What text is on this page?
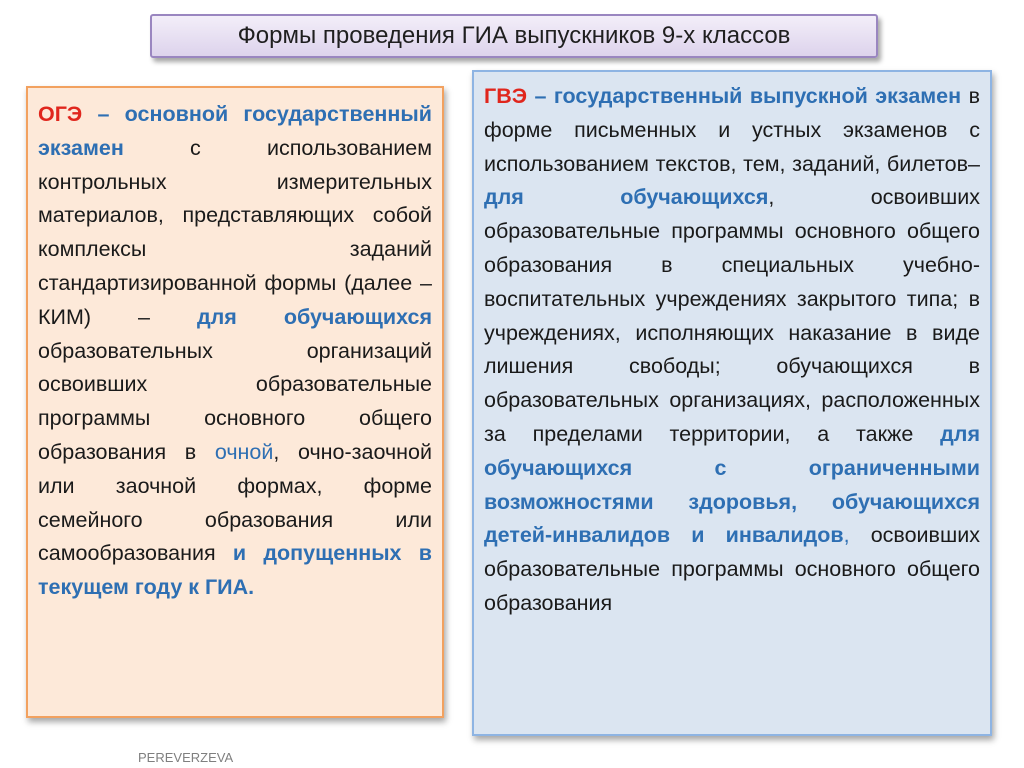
Формы проведения ГИА выпускников 9-х классов
ОГЭ – основной государственный экзамен с использованием контрольных измерительных материалов, представляющих собой комплексы заданий стандартизированной формы (далее – КИМ) – для обучающихся образовательных организаций освоивших образовательные программы основного общего образования в очной, очно-заочной или заочной формах, форме семейного образования или самообразования и допущенных в текущем году к ГИА.
ГВЭ – государственный выпускной экзамен в форме письменных и устных экзаменов с использованием текстов, тем, заданий, билетов– для обучающихся, освоивших образовательные программы основного общего образования в специальных учебно-воспитательных учреждениях закрытого типа; в учреждениях, исполняющих наказание в виде лишения свободы; обучающихся в образовательных организациях, расположенных за пределами территории, а также для обучающихся с ограниченными возможностями здоровья, обучающихся детей-инвалидов и инвалидов, освоивших образовательные программы основного общего образования
PEREVERZEVA
